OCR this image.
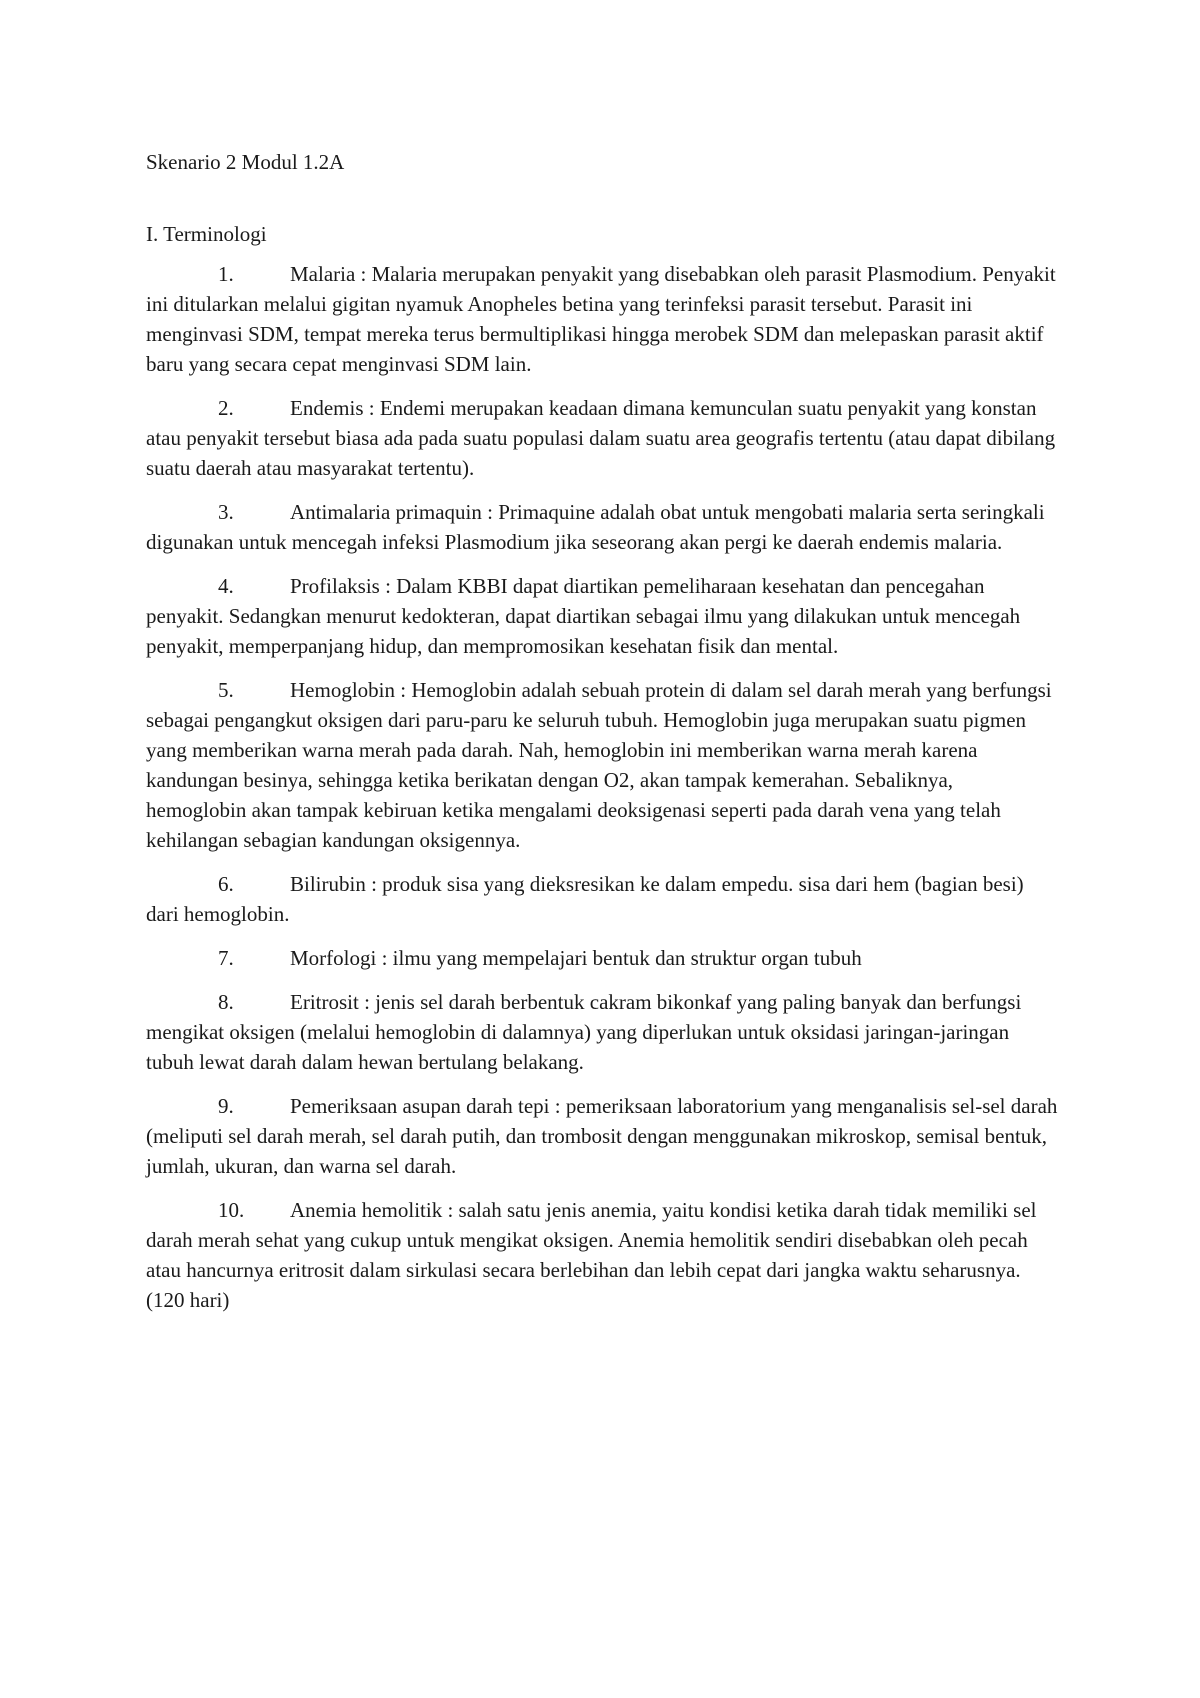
Skenario 2 Modul 1.2A
I. Terminologi
1.	Malaria : Malaria merupakan penyakit yang disebabkan oleh parasit Plasmodium. Penyakit ini ditularkan melalui gigitan nyamuk Anopheles betina yang terinfeksi parasit tersebut. Parasit ini menginvasi SDM, tempat mereka terus bermultiplikasi hingga merobek SDM dan melepaskan parasit aktif baru yang secara cepat menginvasi SDM lain.
2.	Endemis : Endemi merupakan keadaan dimana kemunculan suatu penyakit yang konstan atau penyakit tersebut biasa ada pada suatu populasi dalam suatu area geografis tertentu (atau dapat dibilang suatu daerah atau masyarakat tertentu).
3.	Antimalaria primaquin : Primaquine adalah obat untuk mengobati malaria serta seringkali digunakan untuk mencegah infeksi Plasmodium jika seseorang akan pergi ke daerah endemis malaria.
4.	Profilaksis : Dalam KBBI dapat diartikan pemeliharaan kesehatan dan pencegahan penyakit. Sedangkan menurut kedokteran, dapat diartikan sebagai ilmu yang dilakukan untuk mencegah penyakit, memperpanjang hidup, dan mempromosikan kesehatan fisik dan mental.
5.	Hemoglobin : Hemoglobin adalah sebuah protein di dalam sel darah merah yang berfungsi sebagai pengangkut oksigen dari paru-paru ke seluruh tubuh. Hemoglobin juga merupakan suatu pigmen yang memberikan warna merah pada darah. Nah, hemoglobin ini memberikan warna merah karena kandungan besinya, sehingga ketika berikatan dengan O2, akan tampak kemerahan. Sebaliknya, hemoglobin akan tampak kebiruan ketika mengalami deoksigenasi seperti pada darah vena yang telah kehilangan sebagian kandungan oksigennya.
6.	Bilirubin : produk sisa yang dieksresikan ke dalam empedu. sisa dari hem (bagian besi) dari hemoglobin.
7.	Morfologi : ilmu yang mempelajari bentuk dan struktur organ tubuh
8.	Eritrosit : jenis sel darah berbentuk cakram bikonkaf yang paling banyak dan berfungsi mengikat oksigen (melalui hemoglobin di dalamnya) yang diperlukan untuk oksidasi jaringan-jaringan tubuh lewat darah dalam hewan bertulang belakang.
9.	Pemeriksaan asupan darah tepi : pemeriksaan laboratorium yang menganalisis sel-sel darah (meliputi sel darah merah, sel darah putih, dan trombosit dengan menggunakan mikroskop, semisal bentuk, jumlah, ukuran, dan warna sel darah.
10. Anemia hemolitik : salah satu jenis anemia, yaitu kondisi ketika darah tidak memiliki sel darah merah sehat yang cukup untuk mengikat oksigen. Anemia hemolitik sendiri disebabkan oleh pecah atau hancurnya eritrosit dalam sirkulasi secara berlebihan dan lebih cepat dari jangka waktu seharusnya. (120 hari)
